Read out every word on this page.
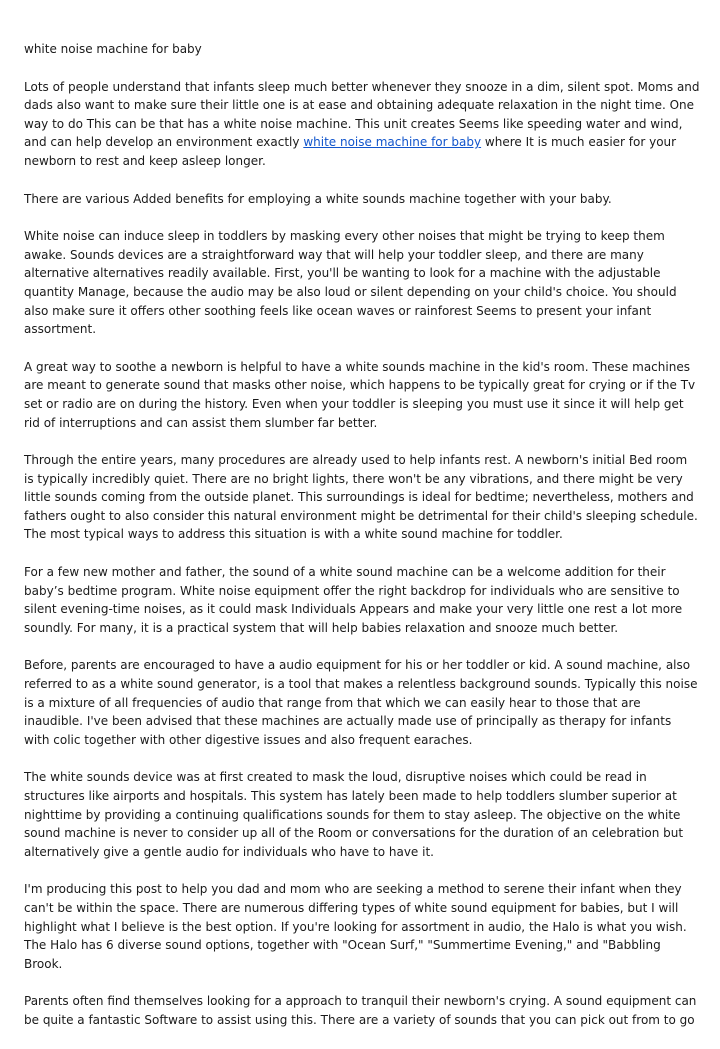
white noise machine for baby

Lots of people understand that infants sleep much better whenever they snooze in a dim, silent spot. Moms and dads also want to make sure their little one is at ease and obtaining adequate relaxation in the night time. One way to do This can be that has a white noise machine. This unit creates Seems like speeding water and wind, and can help develop an environment exactly white noise machine for baby where It is much easier for your newborn to rest and keep asleep longer.

There are various Added benefits for employing a white sounds machine together with your baby.

White noise can induce sleep in toddlers by masking every other noises that might be trying to keep them awake. Sounds devices are a straightforward way that will help your toddler sleep, and there are many alternative alternatives readily available. First, you'll be wanting to look for a machine with the adjustable quantity Manage, because the audio may be also loud or silent depending on your child's choice. You should also make sure it offers other soothing feels like ocean waves or rainforest Seems to present your infant assortment.

A great way to soothe a newborn is helpful to have a white sounds machine in the kid's room. These machines are meant to generate sound that masks other noise, which happens to be typically great for crying or if the Tv set or radio are on during the history. Even when your toddler is sleeping you must use it since it will help get rid of interruptions and can assist them slumber far better.

Through the entire years, many procedures are already used to help infants rest. A newborn's initial Bed room is typically incredibly quiet. There are no bright lights, there won't be any vibrations, and there might be very little sounds coming from the outside planet. This surroundings is ideal for bedtime; nevertheless, mothers and fathers ought to also consider this natural environment might be detrimental for their child's sleeping schedule. The most typical ways to address this situation is with a white sound machine for toddler.

For a few new mother and father, the sound of a white sound machine can be a welcome addition for their baby’s bedtime program. White noise equipment offer the right backdrop for individuals who are sensitive to silent evening-time noises, as it could mask Individuals Appears and make your very little one rest a lot more soundly. For many, it is a practical system that will help babies relaxation and snooze much better.

Before, parents are encouraged to have a audio equipment for his or her toddler or kid. A sound machine, also referred to as a white sound generator, is a tool that makes a relentless background sounds. Typically this noise is a mixture of all frequencies of audio that range from that which we can easily hear to those that are inaudible. I've been advised that these machines are actually made use of principally as therapy for infants with colic together with other digestive issues and also frequent earaches.

The white sounds device was at first created to mask the loud, disruptive noises which could be read in structures like airports and hospitals. This system has lately been made to help toddlers slumber superior at nighttime by providing a continuing qualifications sounds for them to stay asleep. The objective on the white sound machine is never to consider up all of the Room or conversations for the duration of an celebration but alternatively give a gentle audio for individuals who have to have it.

I'm producing this post to help you dad and mom who are seeking a method to serene their infant when they can't be within the space. There are numerous differing types of white sound equipment for babies, but I will highlight what I believe is the best option. If you're looking for assortment in audio, the Halo is what you wish. The Halo has 6 diverse sound options, together with "Ocean Surf," "Summertime Evening," and "Babbling Brook.

Parents often find themselves looking for a approach to tranquil their newborn's crying. A sound equipment can be quite a fantastic Software to assist using this. There are a variety of sounds that you can pick out from to go
